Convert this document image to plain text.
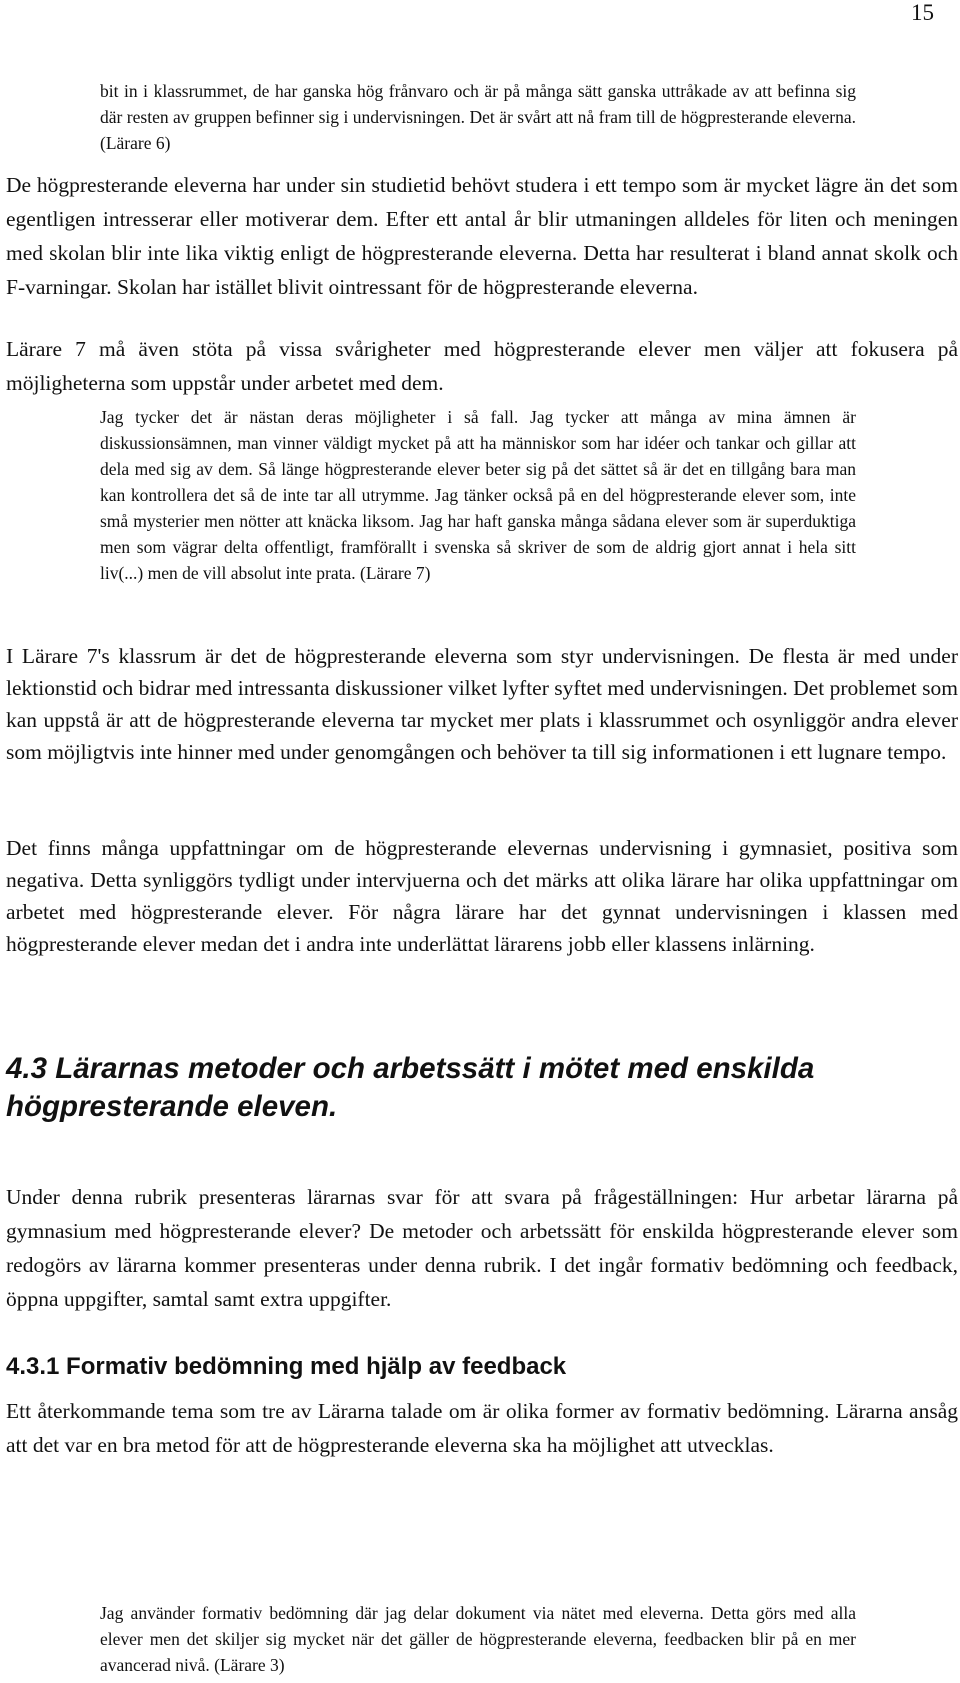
15
bit in i klassrummet, de har ganska hög frånvaro och är på många sätt ganska uttråkade av att befinna sig där resten av gruppen befinner sig i undervisningen. Det är svårt att nå fram till de högpresterande eleverna. (Lärare 6)
De högpresterande eleverna har under sin studietid behövt studera i ett tempo som är mycket lägre än det som egentligen intresserar eller motiverar dem. Efter ett antal år blir utmaningen alldeles för liten och meningen med skolan blir inte lika viktig enligt de högpresterande eleverna. Detta har resulterat i bland annat skolk och F-varningar. Skolan har istället blivit ointressant för de högpresterande eleverna.
Lärare 7 må även stöta på vissa svårigheter med högpresterande elever men väljer att fokusera på möjligheterna som uppstår under arbetet med dem.
Jag tycker det är nästan deras möjligheter i så fall. Jag tycker att många av mina ämnen är diskussionsämnen, man vinner väldigt mycket på att ha människor som har idéer och tankar och gillar att dela med sig av dem. Så länge högpresterande elever beter sig på det sättet så är det en tillgång bara man kan kontrollera det så de inte tar all utrymme. Jag tänker också på en del högpresterande elever som, inte små mysterier men nötter att knäcka liksom. Jag har haft ganska många sådana elever som är superduktiga men som vägrar delta offentligt, framförallt i svenska så skriver de som de aldrig gjort annat i hela sitt liv(...) men de vill absolut inte prata. (Lärare 7)
I Lärare 7's klassrum är det de högpresterande eleverna som styr undervisningen. De flesta är med under lektionstid och bidrar med intressanta diskussioner vilket lyfter syftet med undervisningen. Det problemet som kan uppstå är att de högpresterande eleverna tar mycket mer plats i klassrummet och osynliggör andra elever som möjligtvis inte hinner med under genomgången och behöver ta till sig informationen i ett lugnare tempo.
Det finns många uppfattningar om de högpresterande elevernas undervisning i gymnasiet, positiva som negativa. Detta synliggörs tydligt under intervjuerna och det märks att olika lärare har olika uppfattningar om arbetet med högpresterande elever. För några lärare har det gynnat undervisningen i klassen med högpresterande elever medan det i andra inte underlättat lärarens jobb eller klassens inlärning.
4.3 Lärarnas metoder och arbetssätt i mötet med enskilda högpresterande eleven.
Under denna rubrik presenteras lärarnas svar för att svara på frågeställningen: Hur arbetar lärarna på gymnasium med högpresterande elever? De metoder och arbetssätt för enskilda högpresterande elever som redogörs av lärarna kommer presenteras under denna rubrik. I det ingår formativ bedömning och feedback, öppna uppgifter, samtal samt extra uppgifter.
4.3.1 Formativ bedömning med hjälp av feedback
Ett återkommande tema som tre av Lärarna talade om är olika former av formativ bedömning. Lärarna ansåg att det var en bra metod för att de högpresterande eleverna ska ha möjlighet att utvecklas.
Jag använder formativ bedömning där jag delar dokument via nätet med eleverna. Detta görs med alla elever men det skiljer sig mycket när det gäller de högpresterande eleverna, feedbacken blir på en mer avancerad nivå. (Lärare 3)
